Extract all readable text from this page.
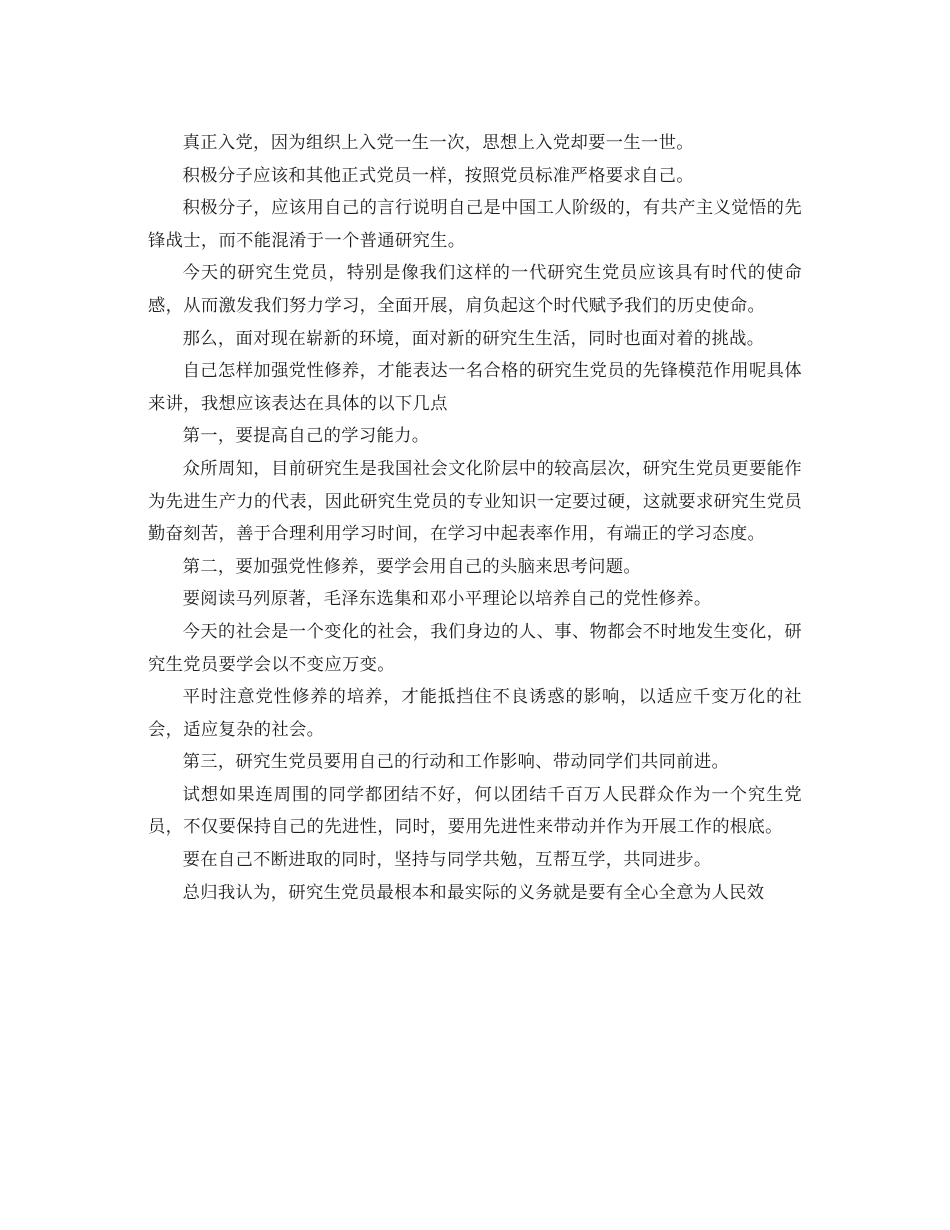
真正入党，因为组织上入党一生一次，思想上入党却要一生一世。

积极分子应该和其他正式党员一样，按照党员标准严格要求自己。

积极分子，应该用自己的言行说明自己是中国工人阶级的，有共产主义觉悟的先锋战士，而不能混淆于一个普通研究生。

今天的研究生党员，特别是像我们这样的一代研究生党员应该具有时代的使命感，从而激发我们努力学习，全面开展，肩负起这个时代赋予我们的历史使命。

那么，面对现在崭新的环境，面对新的研究生生活，同时也面对着的挑战。

自己怎样加强党性修养，才能表达一名合格的研究生党员的先锋模范作用呢具体来讲，我想应该表达在具体的以下几点

第一，要提高自己的学习能力。

众所周知，目前研究生是我国社会文化阶层中的较高层次，研究生党员更要能作为先进生产力的代表，因此研究生党员的专业知识一定要过硬，这就要求研究生党员勤奋刻苦，善于合理利用学习时间，在学习中起表率作用，有端正的学习态度。

第二，要加强党性修养，要学会用自己的头脑来思考问题。

要阅读马列原著，毛泽东选集和邓小平理论以培养自己的党性修养。

今天的社会是一个变化的社会，我们身边的人、事、物都会不时地发生变化，研究生党员要学会以不变应万变。

平时注意党性修养的培养，才能抵挡住不良诱惑的影响，以适应千变万化的社会，适应复杂的社会。

第三，研究生党员要用自己的行动和工作影响、带动同学们共同前进。

试想如果连周围的同学都团结不好，何以团结千百万人民群众作为一个究生党员，不仅要保持自己的先进性，同时，要用先进性来带动并作为开展工作的根底。

要在自己不断进取的同时，坚持与同学共勉，互帮互学，共同进步。

总归我认为，研究生党员最根本和最实际的义务就是要有全心全意为人民效
